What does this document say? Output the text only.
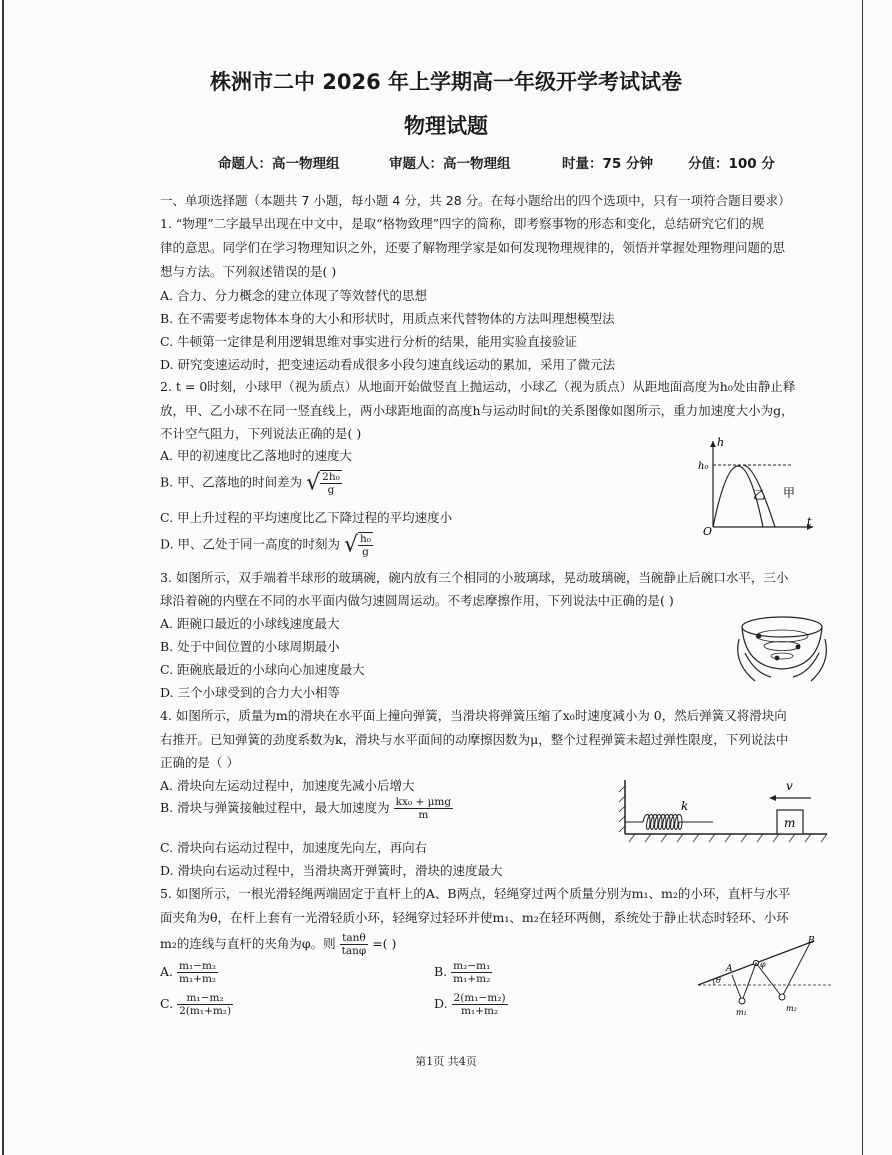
株洲市二中 2026 年上学期高一年级开学考试试卷
物理试题
命题人：高一物理组	审题人：高一物理组	时量：75 分钟	分值：100 分
一、单项选择题（本题共 7 小题，每小题 4 分，共 28 分。在每小题给出的四个选项中，只有一项符合题目要求）
1. “物理”二字最早出现在中文中，是取“格物致理”四字的简称，即考察事物的形态和变化，总结研究它们的规
律的意思。同学们在学习物理知识之外，还要了解物理学家是如何发现物理规律的，领悟并掌握处理物理问题的思
想与方法。下列叙述错误的是( )
A. 合力、分力概念的建立体现了等效替代的思想
B. 在不需要考虑物体本身的大小和形状时，用质点来代替物体的方法叫理想模型法
C. 牛顿第一定律是利用逻辑思维对事实进行分析的结果，能用实验直接验证
D. 研究变速运动时，把变速运动看成很多小段匀速直线运动的累加，采用了微元法
2. t = 0时刻，小球甲（视为质点）从地面开始做竖直上抛运动，小球乙（视为质点）从距地面高度为h₀处由静止释
放，甲、乙小球不在同一竖直线上，两小球距地面的高度h与运动时间t的关系图像如图所示，重力加速度大小为g，
不计空气阻力，下列说法正确的是( )
A. 甲的初速度比乙落地时的速度大
B. 甲、乙落地的时间差为 √ $\frac{\text{2h₀}}{g}$
C. 甲上升过程的平均速度比乙下降过程的平均速度小
D. 甲、乙处于同一高度的时刻为 √ $\frac{\text{h₀}}{g}$
h
h₀
O
t
乙 甲
3. 如图所示，双手端着半球形的玻璃碗，碗内放有三个相同的小玻璃球，晃动玻璃碗，当碗静止后碗口水平，三小
球沿着碗的内壁在不同的水平面内做匀速圆周运动。不考虑摩擦作用，下列说法中正确的是( )
A. 距碗口最近的小球线速度最大
B. 处于中间位置的小球周期最小
C. 距碗底最近的小球向心加速度最大
D. 三个小球受到的合力大小相等
4. 如图所示，质量为m的滑块在水平面上撞向弹簧，当滑块将弹簧压缩了x₀时速度减小为 0，然后弹簧又将滑块向
右推开。已知弹簧的劲度系数为k，滑块与水平面间的动摩擦因数为μ，整个过程弹簧未超过弹性限度，下列说法中
正确的是（ ）
A. 滑块向左运动过程中，加速度先减小后增大
B. 滑块与弹簧接触过程中，最大加速度为 $\frac{\text{kx₀ + μmg}}{m}$
C. 滑块向右运动过程中，加速度先向左，再向右
D. 滑块向右运动过程中，当滑块离开弹簧时，滑块的速度最大
m
v
k
5. 如图所示，一根光滑轻绳两端固定于直杆上的A、B两点，轻绳穿过两个质量分别为m₁、m₂的小环，直杆与水平
面夹角为θ，在杆上套有一光滑轻质小环，轻绳穿过轻环并使m₁、m₂在轻环两侧，系统处于静止状态时轻环、小环
m₂的连线与直杆的夹角为φ。则 $\frac{\tan\theta}{\tan\varphi}$ =( )
A. $\frac{\text{m₁−m₂}}{\text{m₁+m₂}}$	B. $\frac{\text{m₂−m₁}}{\text{m₁+m₂}}$
C. $\frac{\text{m₁−m₂}}{\text{2(m₁+m₂)}}$	D. $\frac{\text{2(m₁−m₂)}}{\text{m₁+m₂}}$
θ
A
B
φ
m₁	m₂
第1页 共4页
